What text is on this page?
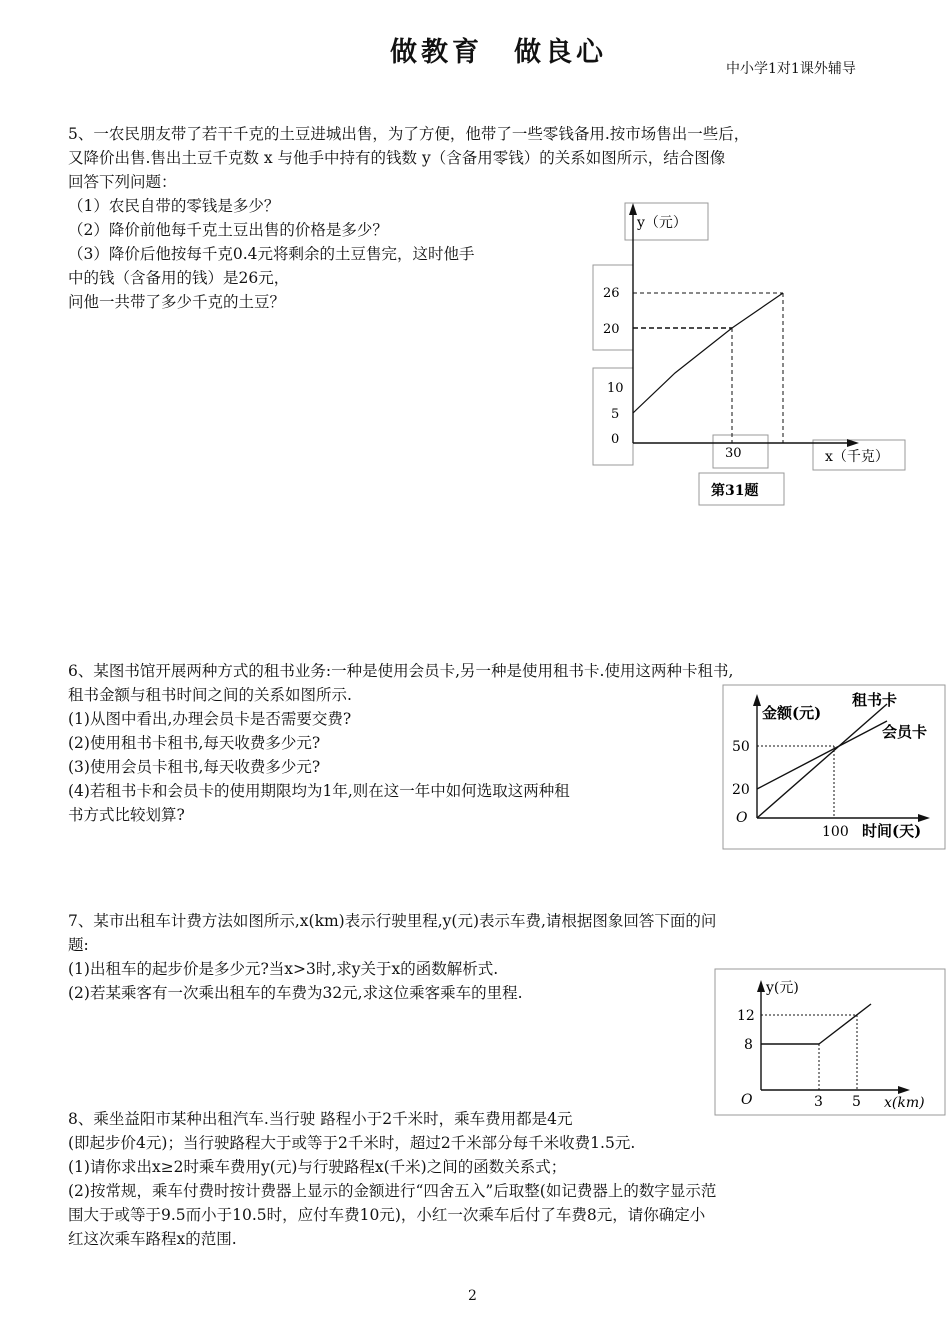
做教育　做良心
中小学1对1课外辅导
5、一农民朋友带了若干千克的土豆进城出售，为了方便，他带了一些零钱备用.按市场售出一些后，
又降价出售.售出土豆千克数 x 与他手中持有的钱数 y（含备用零钱）的关系如图所示，结合图像
回答下列问题：
（1）农民自带的零钱是多少？
（2）降价前他每千克土豆出售的价格是多少？
（3）降价后他按每千克0.4元将剩余的土豆售完，这时他手
中的钱（含备用的钱）是26元，
问他一共带了多少千克的土豆？
y（元）
26
20
10
5
0
30	x（千克）
第31题
6、某图书馆开展两种方式的租书业务:一种是使用会员卡,另一种是使用租书卡.使用这两种卡租书,
租书金额与租书时间之间的关系如图所示.
(1)从图中看出,办理会员卡是否需要交费?
(2)使用租书卡租书,每天收费多少元?
(3)使用会员卡租书,每天收费多少元?
(4)若租书卡和会员卡的使用期限均为1年,则在这一年中如何选取这两种租
书方式比较划算?
金额(元)
租书卡
会员卡
50
20
O
100 时间(天)
7、某市出租车计费方法如图所示,x(km)表示行驶里程,y(元)表示车费,请根据图象回答下面的问
题:
(1)出租车的起步价是多少元?当x>3时,求y关于x的函数解析式.
(2)若某乘客有一次乘出租车的车费为32元,求这位乘客乘车的里程.	y(元)
12
8
O	3 5 x(km)
8、乘坐益阳市某种出租汽车.当行驶 路程小于2千米时，乘车费用都是4元
(即起步价4元)；当行驶路程大于或等于2千米时，超过2千米部分每千米收费1.5元.
(1)请你求出x≥2时乘车费用y(元)与行驶路程x(千米)之间的函数关系式；
(2)按常规，乘车付费时按计费器上显示的金额进行“四舍五入”后取整(如记费器上的数字显示范
围大于或等于9.5而小于10.5时，应付车费10元)，小红一次乘车后付了车费8元，请你确定小
红这次乘车路程x的范围.
2
